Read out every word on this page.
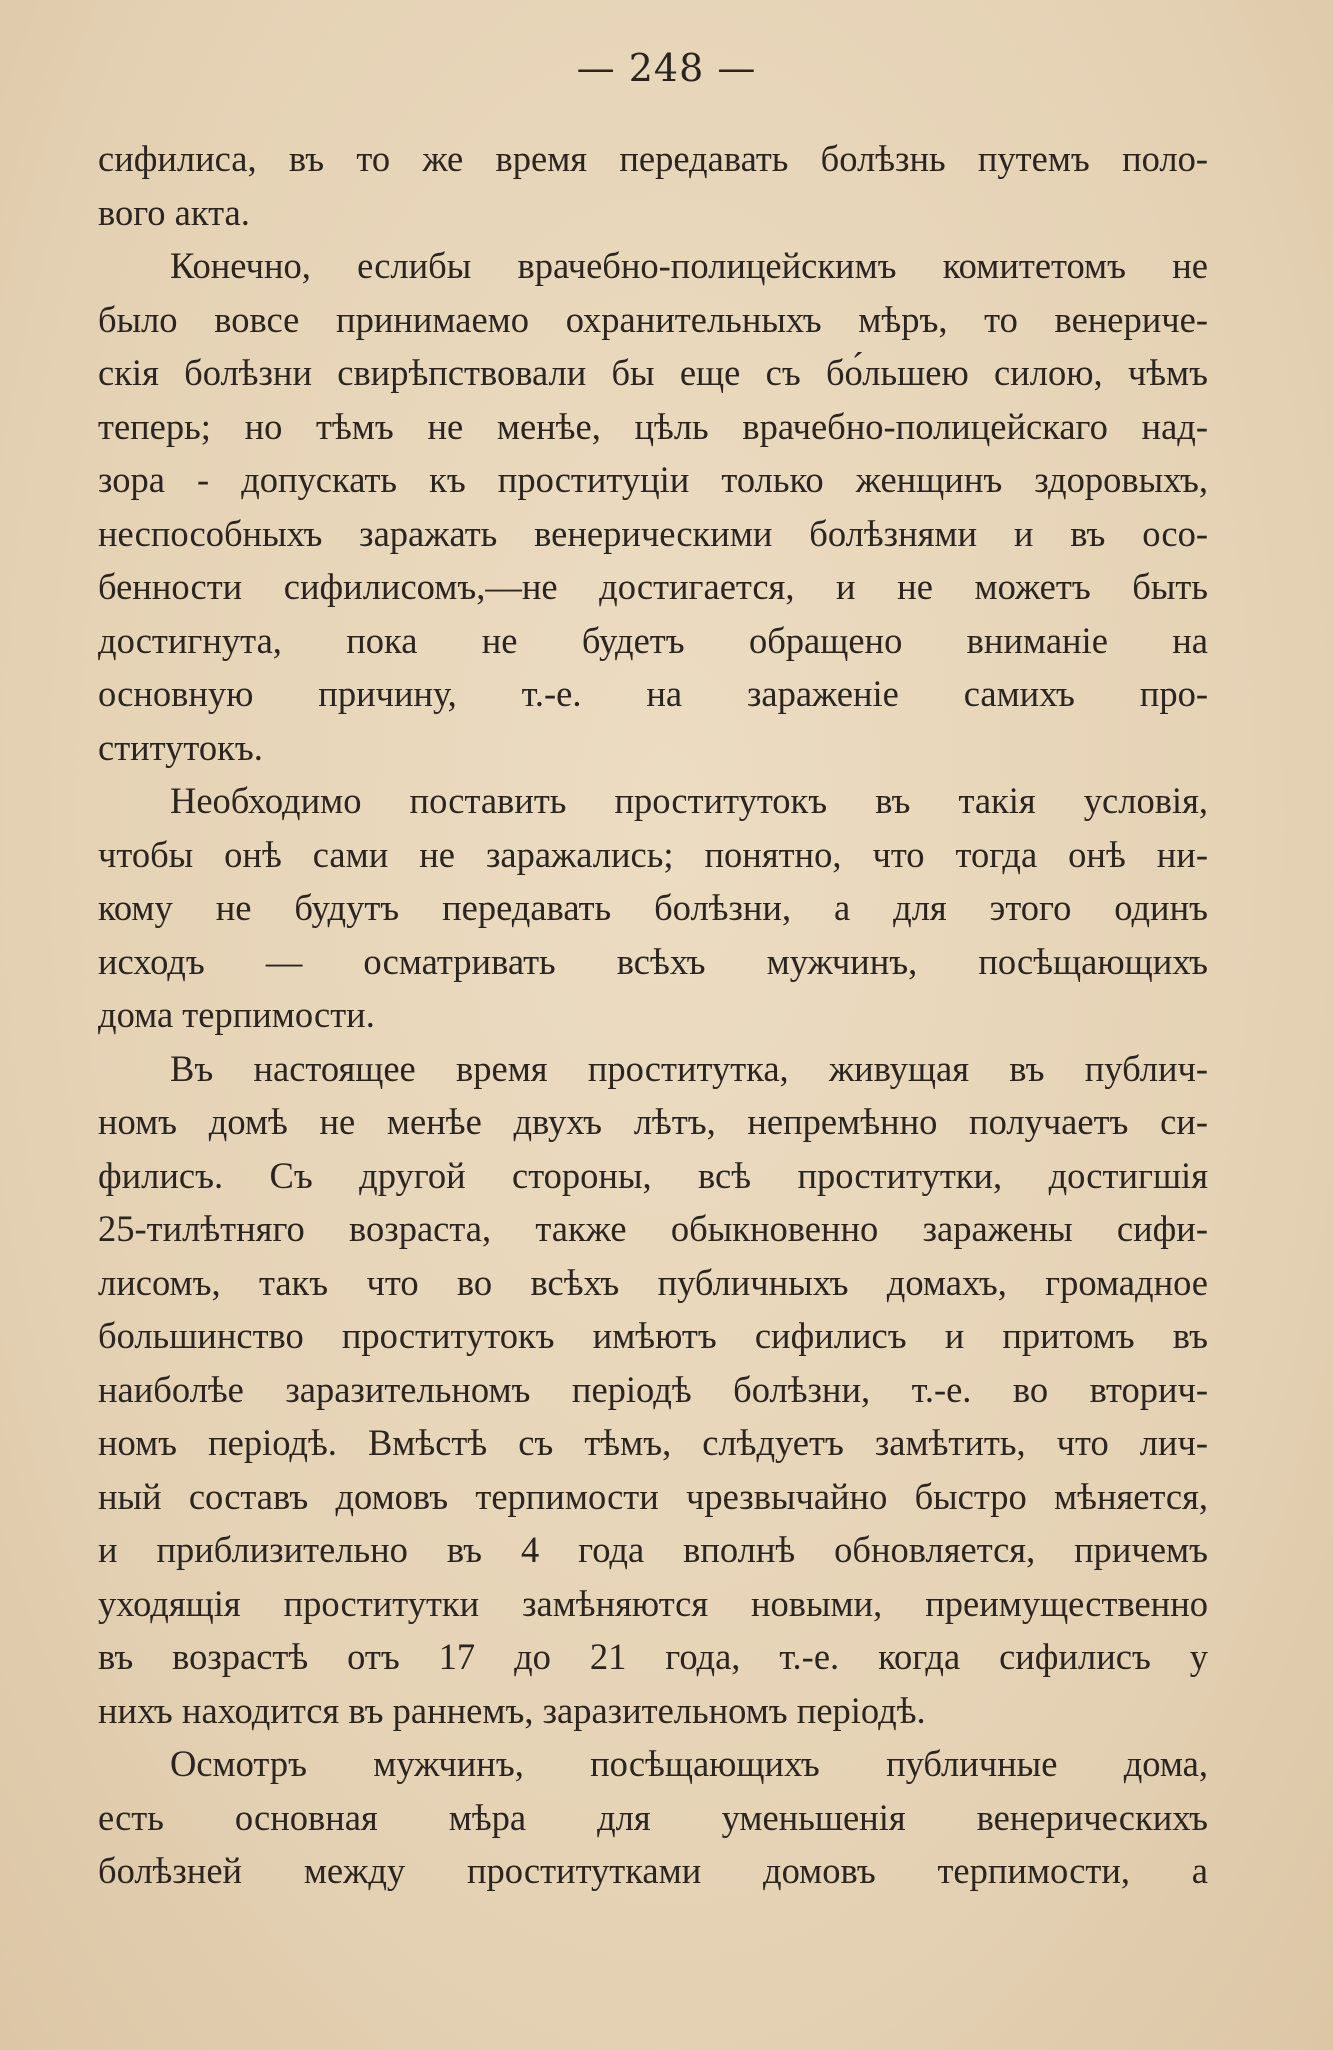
— 248 —
сифилиса, въ то же время передавать болѣзнь путемъ поло-
вого акта.
Конечно, еслибы врачебно-полицейскимъ комитетомъ не
было вовсе принимаемо охранительныхъ мѣръ, то венериче-
скія болѣзни свирѣпствовали бы еще съ бо́льшею силою, чѣмъ
теперь; но тѣмъ не менѣе, цѣль врачебно-полицейскаго над-
зора - допускать къ проституціи только женщинъ здоровыхъ,
неспособныхъ заражать венерическими болѣзнями и въ осо-
бенности сифилисомъ,—не достигается, и не можетъ быть
достигнута, пока не будетъ обращено вниманіе на
основную причину, т.-е. на зараженіе самихъ про-
ститутокъ.
Необходимо поставить проститутокъ въ такія условія,
чтобы онѣ сами не заражались; понятно, что тогда онѣ ни-
кому не будутъ передавать болѣзни, а для этого одинъ
исходъ — осматривать всѣхъ мужчинъ, посѣщающихъ
дома терпимости.
Въ настоящее время проститутка, живущая въ публич-
номъ домѣ не менѣе двухъ лѣтъ, непремѣнно получаетъ си-
филисъ. Съ другой стороны, всѣ проститутки, достигшія
25-тилѣтняго возраста, также обыкновенно заражены сифи-
лисомъ, такъ что во всѣхъ публичныхъ домахъ, громадное
большинство проститутокъ имѣютъ сифилисъ и притомъ въ
наиболѣе заразительномъ періодѣ болѣзни, т.-е. во вторич-
номъ періодѣ. Вмѣстѣ съ тѣмъ, слѣдуетъ замѣтить, что лич-
ный составъ домовъ терпимости чрезвычайно быстро мѣняется,
и приблизительно въ 4 года вполнѣ обновляется, причемъ
уходящія проститутки замѣняются новыми, преимущественно
въ возрастѣ отъ 17 до 21 года, т.-е. когда сифилисъ у
нихъ находится въ раннемъ, заразительномъ періодѣ.
Осмотръ мужчинъ, посѣщающихъ публичные дома,
есть основная мѣра для уменьшенія венерическихъ
болѣзней между проститутками домовъ терпимости, а
